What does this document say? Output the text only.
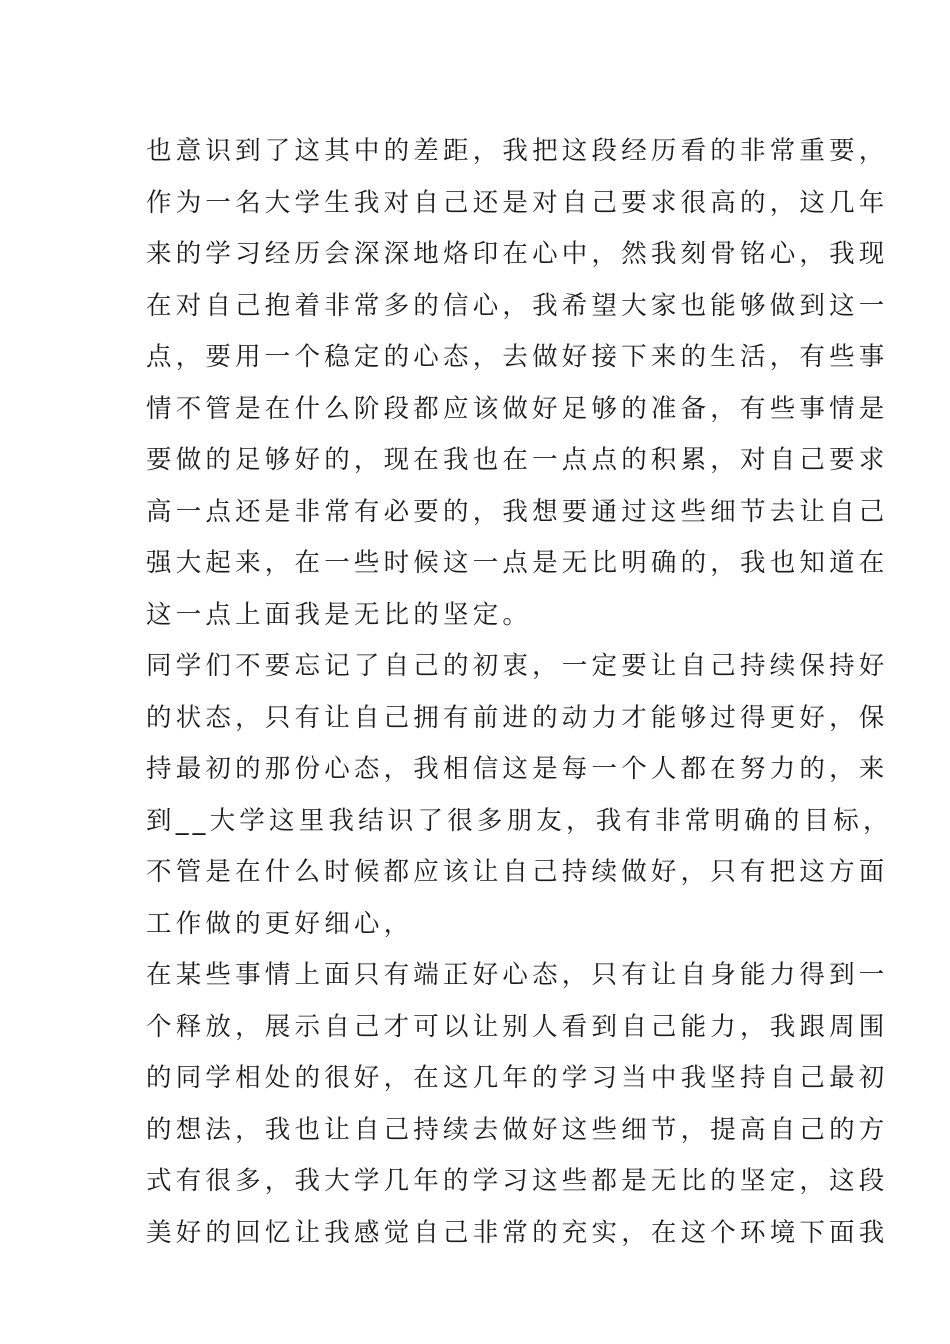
也意识到了这其中的差距，我把这段经历看的非常重要，
作为一名大学生我对自己还是对自己要求很高的，这几年
来的学习经历会深深地烙印在心中，然我刻骨铭心，我现
在对自己抱着非常多的信心，我希望大家也能够做到这一
点，要用一个稳定的心态，去做好接下来的生活，有些事
情不管是在什么阶段都应该做好足够的准备，有些事情是
要做的足够好的，现在我也在一点点的积累，对自己要求
高一点还是非常有必要的，我想要通过这些细节去让自己
强大起来，在一些时候这一点是无比明确的，我也知道在
这一点上面我是无比的坚定。
同学们不要忘记了自己的初衷，一定要让自己持续保持好
的状态，只有让自己拥有前进的动力才能够过得更好，保
持最初的那份心态，我相信这是每一个人都在努力的，来
到__大学这里我结识了很多朋友，我有非常明确的目标，
不管是在什么时候都应该让自己持续做好，只有把这方面
工作做的更好细心，
在某些事情上面只有端正好心态，只有让自身能力得到一
个释放，展示自己才可以让别人看到自己能力，我跟周围
的同学相处的很好，在这几年的学习当中我坚持自己最初
的想法，我也让自己持续去做好这些细节，提高自己的方
式有很多，我大学几年的学习这些都是无比的坚定，这段
美好的回忆让我感觉自己非常的充实，在这个环境下面我
